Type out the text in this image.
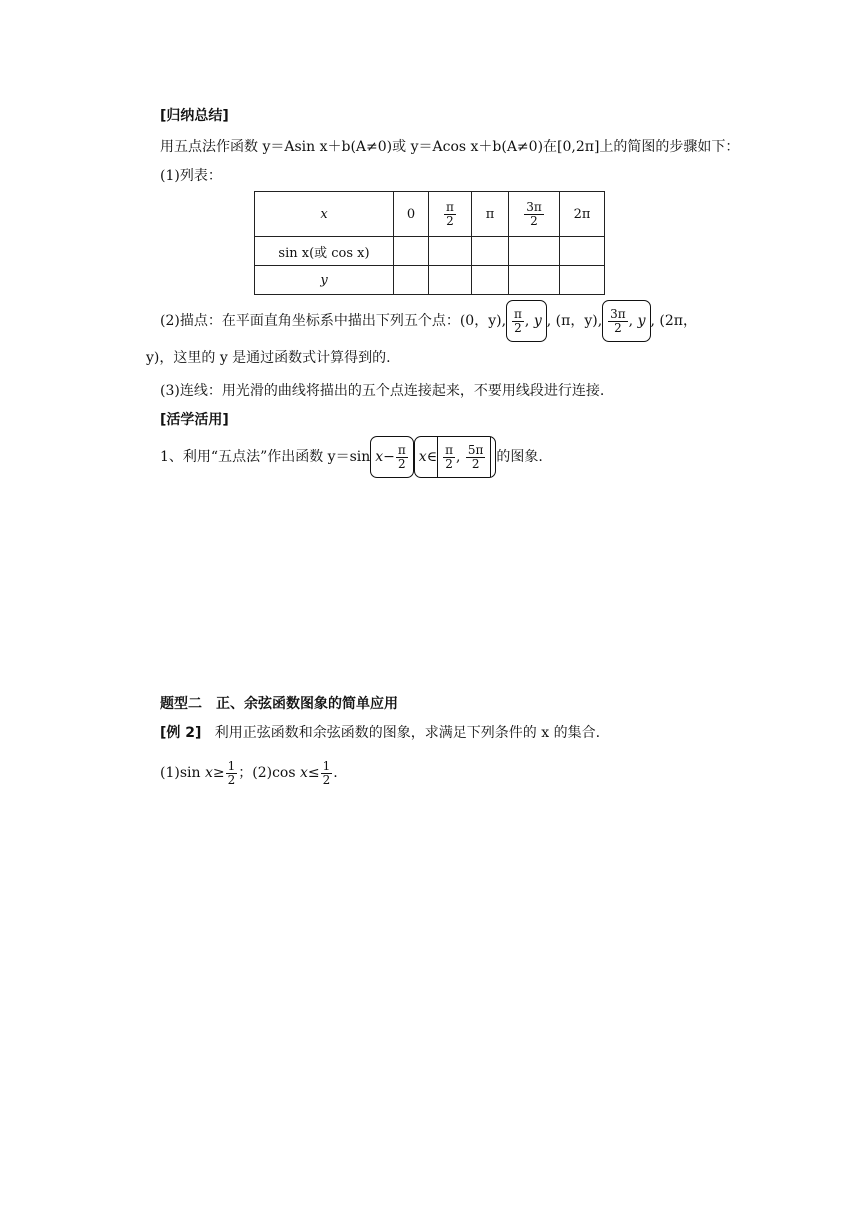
[归纳总结]
用五点法作函数 y＝Asin x＋b(A≠0)或 y＝Acos x＋b(A≠0)在[0,2π]上的简图的步骤如下：
(1)列表：
x	0	$\frac{\pi}{2}$	π	$\frac{3\pi}{2}$	2π
sin x(或 cos x)					
y					
(2)描点：在平面直角坐标系中描出下列五个点：(0，y), $\frac{\pi}{2}$ , y , (π，y), $\frac{3\pi}{2}$ , y , (2π，
y)，这里的 y 是通过函数式计算得到的.
(3)连线：用光滑的曲线将描出的五个点连接起来，不要用线段进行连接.
[活学活用]
1、利用“五点法”作出函数 y＝sin $x- \frac{\pi}{2}$ x∈ $\frac{\pi}{2}$ , $\frac{5\pi}{2}$ 的图象.
题型二　正、余弦函数图象的简单应用
[例 2] 利用正弦函数和余弦函数的图象，求满足下列条件的 x 的集合.
(1)sin $x\ge \frac{1}{2}$ ；(2)cos $x\le \frac{1}{2}$ .
